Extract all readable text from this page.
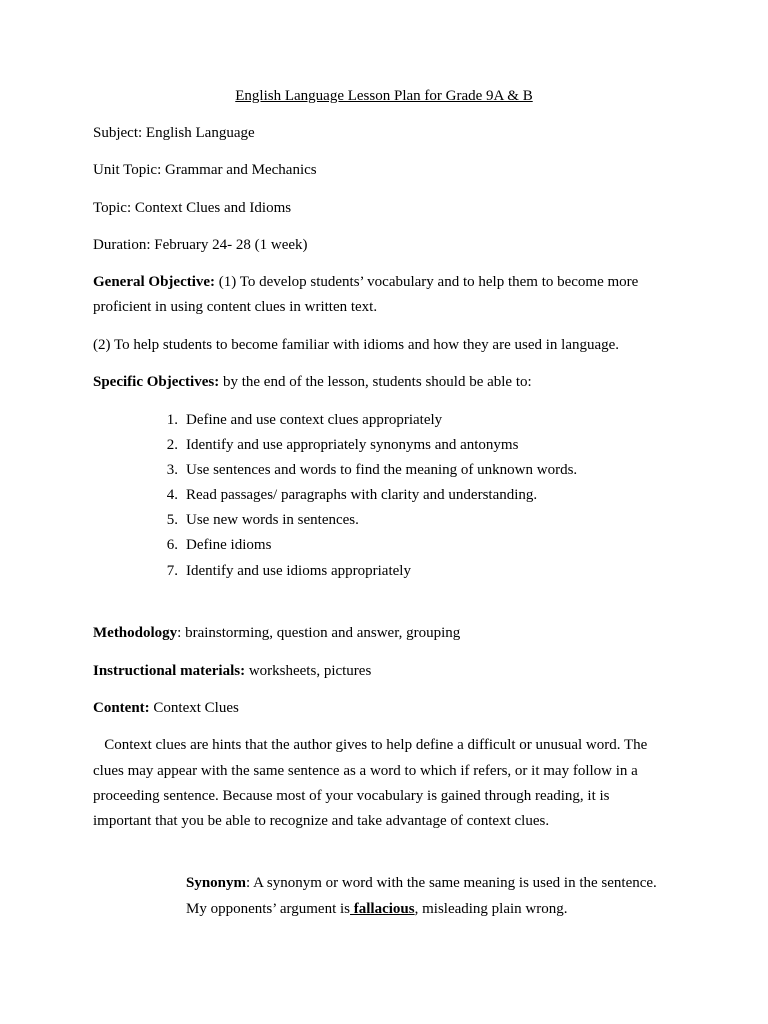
English Language Lesson Plan for Grade 9A & B
Subject: English Language
Unit Topic: Grammar and Mechanics
Topic: Context Clues and Idioms
Duration: February 24- 28 (1 week)
General Objective: (1) To develop students’ vocabulary and to help them to become more
proficient in using content clues in written text.
(2) To help students to become familiar with idioms and how they are used in language.
Specific Objectives: by the end of the lesson, students should be able to:
1. Define and use context clues appropriately
2. Identify and use appropriately synonyms and antonyms
3. Use sentences and words to find the meaning of unknown words.
4. Read passages/ paragraphs with clarity and understanding.
5. Use new words in sentences.
6. Define idioms
7. Identify and use idioms appropriately
Methodology: brainstorming, question and answer, grouping
Instructional materials: worksheets, pictures
Content: Context Clues
Context clues are hints that the author gives to help define a difficult or unusual word. The
clues may appear with the same sentence as a word to which if refers, or it may follow in a
proceeding sentence. Because most of your vocabulary is gained through reading, it is
important that you be able to recognize and take advantage of context clues.
Synonym: A synonym or word with the same meaning is used in the sentence.
My opponents’ argument is fallacious, misleading plain wrong.
